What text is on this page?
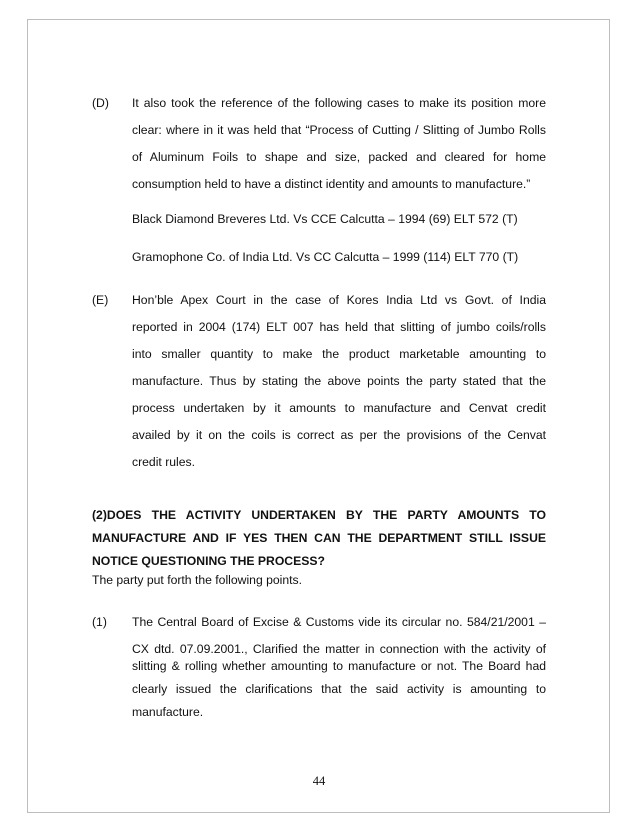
(D) It also took the reference of the following cases to make its position more
clear: where in it was held that “Process of Cutting / Slitting of Jumbo Rolls
of Aluminum Foils to shape and size, packed and cleared for home
consumption held to have a distinct identity and amounts to manufacture.”
Black Diamond Breveres Ltd. Vs CCE Calcutta – 1994 (69) ELT 572 (T)
Gramophone Co. of India Ltd. Vs CC Calcutta – 1999 (114) ELT 770 (T)
(E) Hon’ble Apex Court in the case of Kores India Ltd vs Govt. of India
reported in 2004 (174) ELT 007 has held that slitting of jumbo coils/rolls
into smaller quantity to make the product marketable amounting to
manufacture. Thus by stating the above points the party stated that the
process undertaken by it amounts to manufacture and Cenvat credit
availed by it on the coils is correct as per the provisions of the Cenvat
credit rules.
(2)DOES THE ACTIVITY UNDERTAKEN BY THE PARTY AMOUNTS TO
MANUFACTURE AND IF YES THEN CAN THE DEPARTMENT STILL ISSUE
NOTICE QUESTIONING THE PROCESS?
The party put forth the following points.
(1) The Central Board of Excise & Customs vide its circular no. 584/21/2001 –
CX dtd. 07.09.2001., Clarified the matter in connection with the activity of
slitting & rolling whether amounting to manufacture or not. The Board had
clearly issued the clarifications that the said activity is amounting to
manufacture.
44
